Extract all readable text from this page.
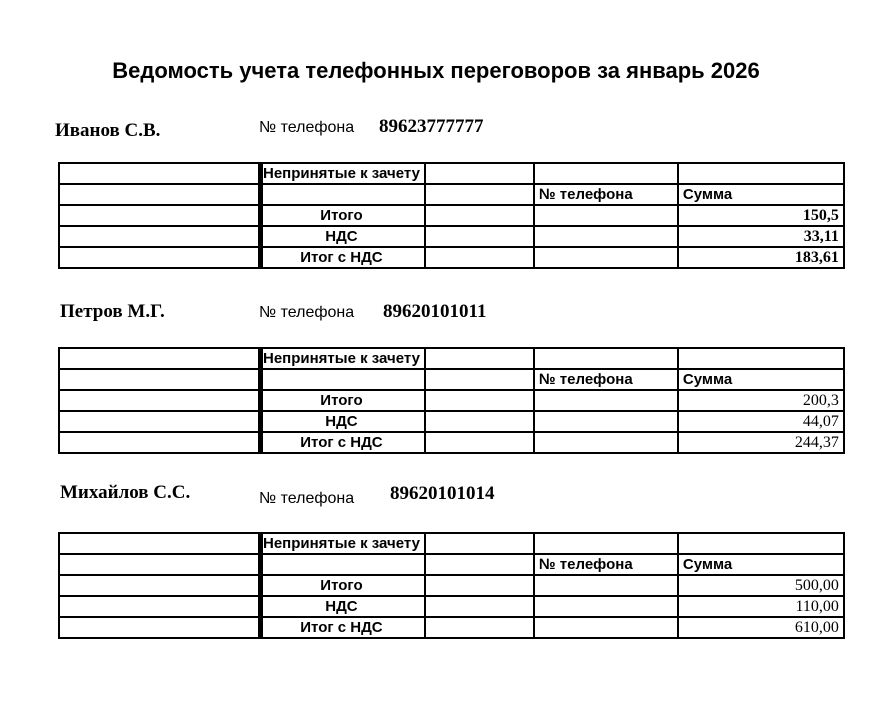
Ведомость учета телефонных переговоров за январь 2026
Иванов С.В.	№ телефона 89623777777
	Непринятые к зачету			
			№ телефона	Сумма
	Итого			150,5
	НДС			33,11
	Итог с НДС			183,61
Петров М.Г.	№ телефона 89620101011
	Непринятые к зачету			
			№ телефона	Сумма
	Итого			200,3
	НДС			44,07
	Итог с НДС			244,37
Михайлов С.С.	№ телефона 89620101014
	Непринятые к зачету			
			№ телефона	Сумма
	Итого			500,00
	НДС			110,00
	Итог с НДС			610,00
